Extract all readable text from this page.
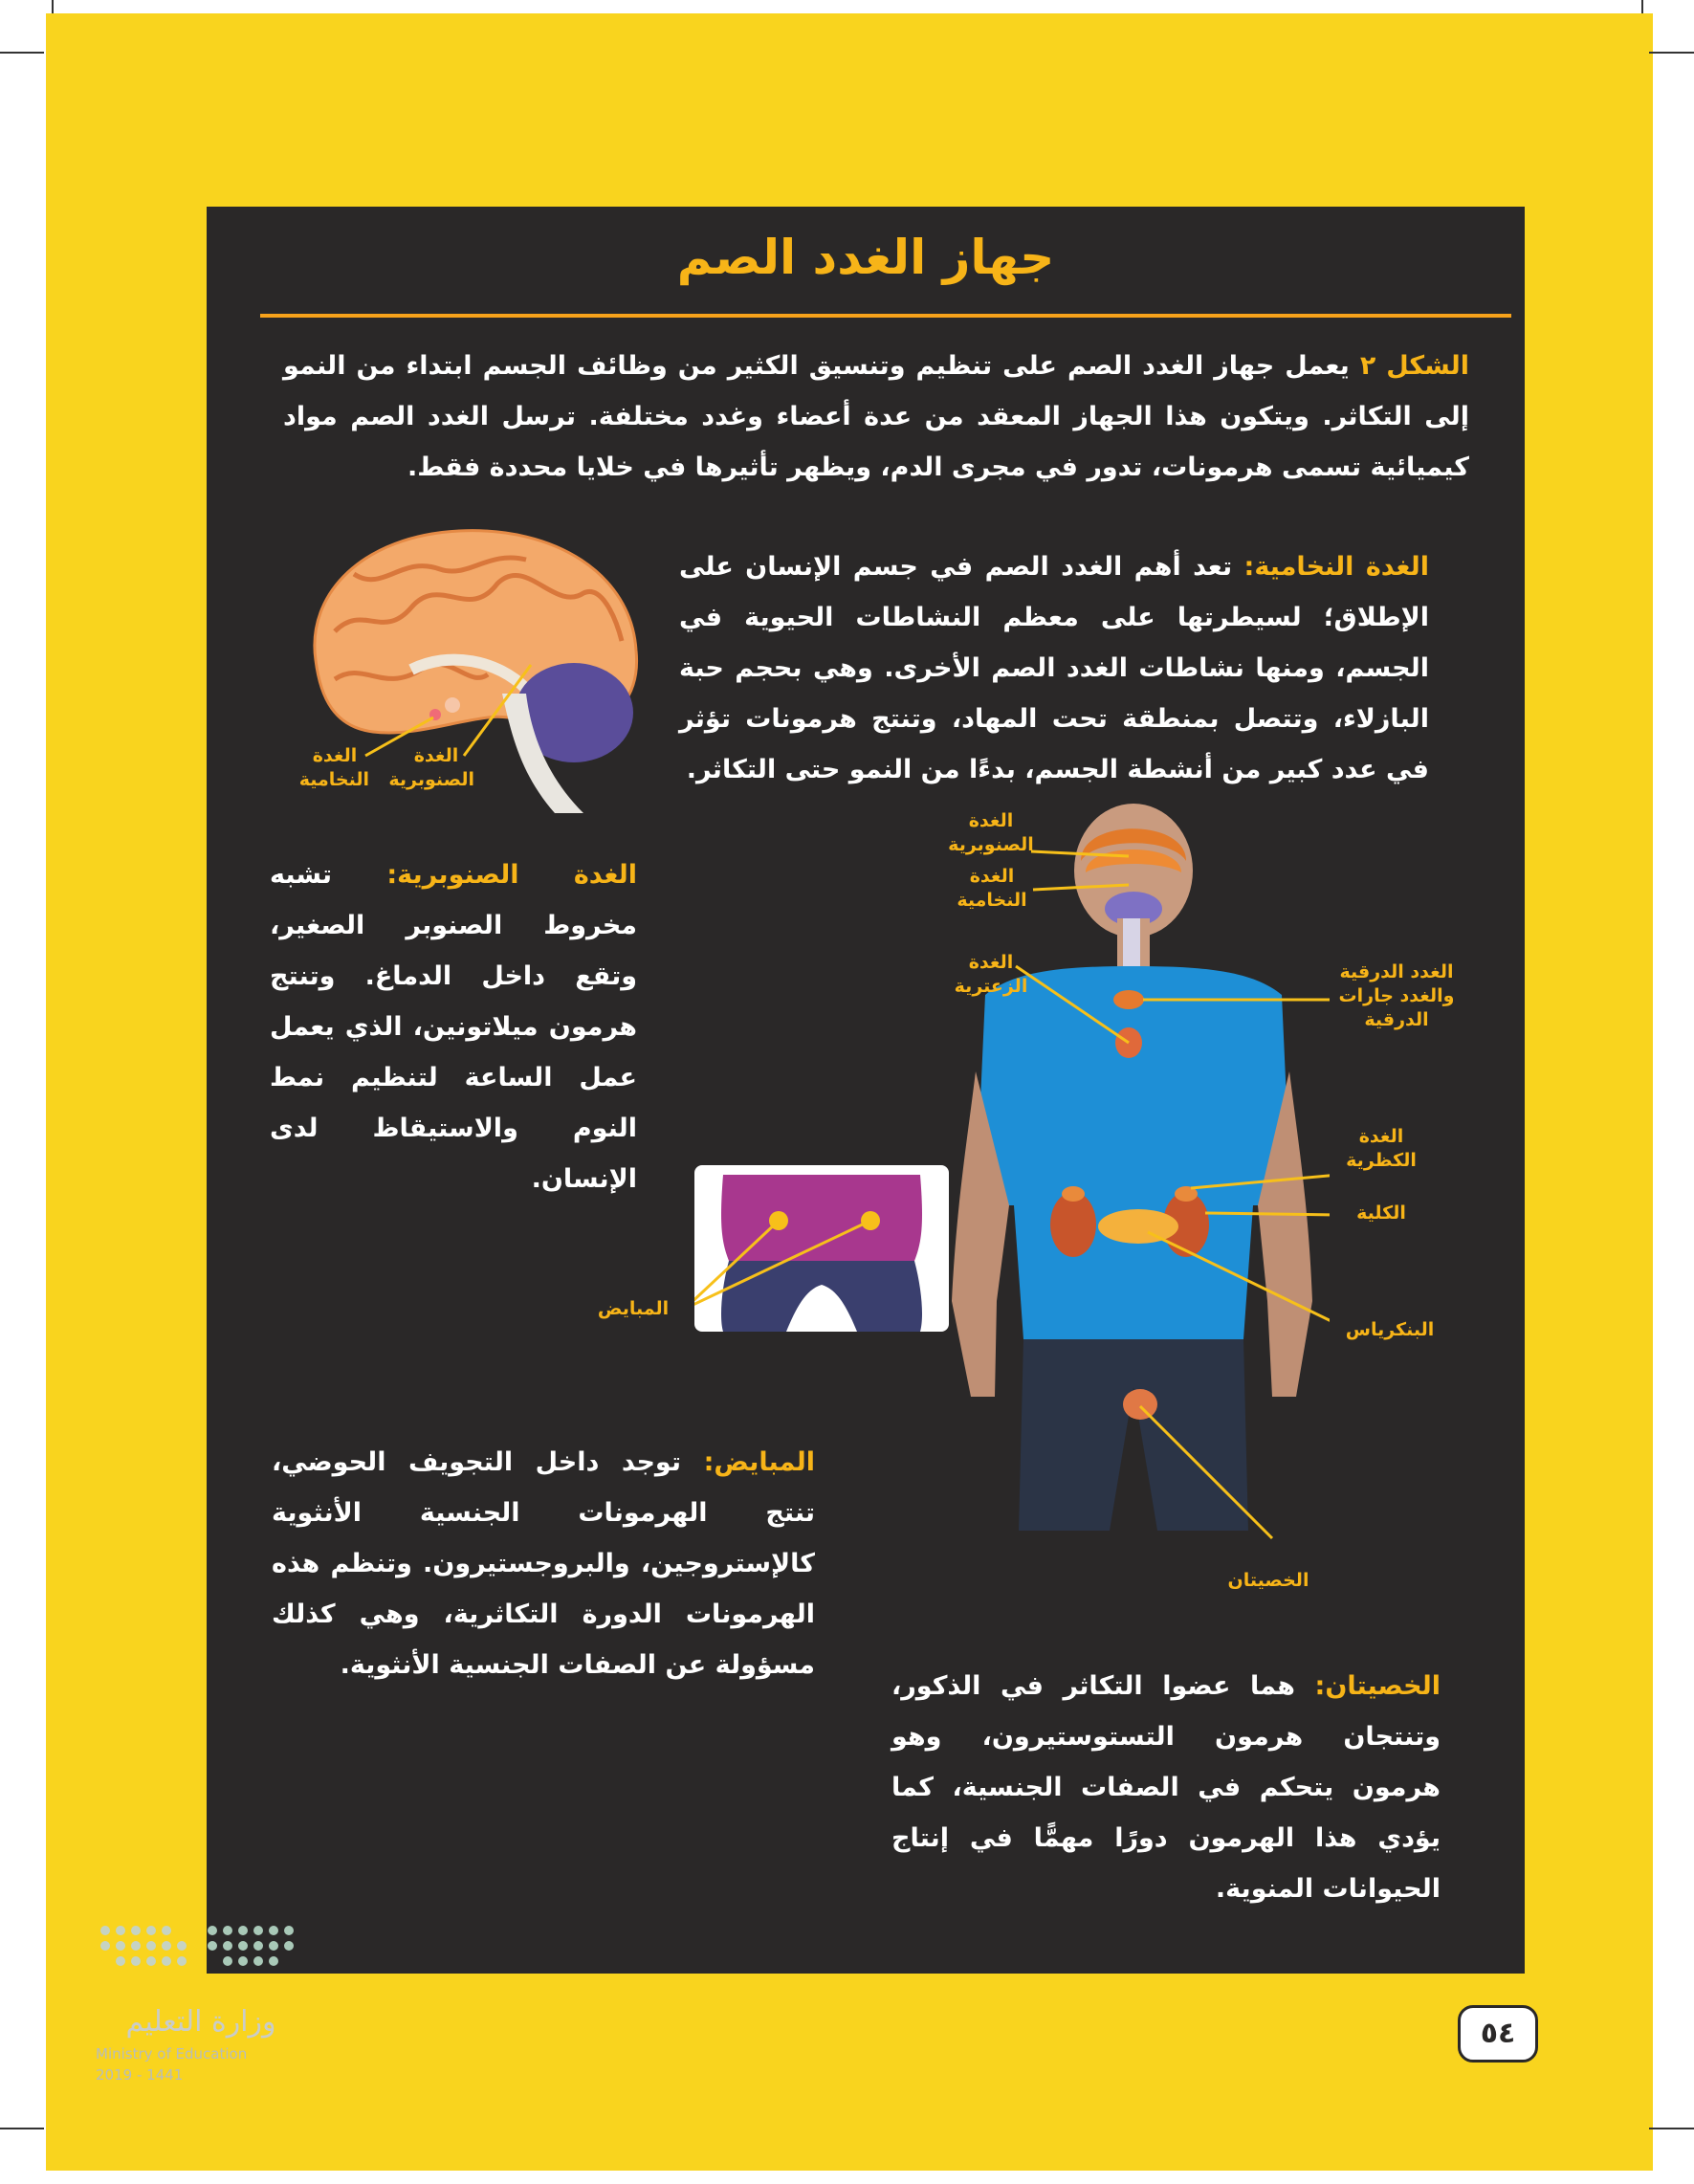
جهاز الغدد الصم
الشكل ٢ يعمل جهاز الغدد الصم على تنظيم وتنسيق الكثير من وظائف الجسم ابتداء من النمو إلى التكاثر. ويتكون هذا الجهاز المعقد من عدة أعضاء وغدد مختلفة. ترسل الغدد الصم مواد كيميائية تسمى هرمونات، تدور في مجرى الدم، ويظهر تأثيرها في خلايا محددة فقط.
الغدة النخامية
الغدة الصنوبرية
الغدة النخامية: تعد أهم الغدد الصم في جسم الإنسان على الإطلاق؛ لسيطرتها على معظم النشاطات الحيوية في الجسم، ومنها نشاطات الغدد الصم الأخرى. وهي بحجم حبة البازلاء، وتتصل بمنطقة تحت المهاد، وتنتج هرمونات تؤثر في عدد كبير من أنشطة الجسم، بدءًا من النمو حتى التكاثر.
الغدة الصنوبرية: تشبه مخروط الصنوبر الصغير، وتقع داخل الدماغ. وتنتج هرمون ميلاتونين، الذي يعمل عمل الساعة لتنظيم نمط النوم والاستيقاظ لدى الإنسان.
المبايض
الغدة الصنوبرية
الغدة النخامية
الغدة الزعترية
الغدد الدرقية والغدد جارات الدرقية
الغدة الكظرية
الكلية
البنكرياس
الخصيتان
المبايض: توجد داخل التجويف الحوضي، تنتج الهرمونات الجنسية الأنثوية كالإستروجين، والبروجستيرون. وتنظم هذه الهرمونات الدورة التكاثرية، وهي كذلك مسؤولة عن الصفات الجنسية الأنثوية.
الخصيتان: هما عضوا التكاثر في الذكور، وتنتجان هرمون التستوستيرون، وهو هرمون يتحكم في الصفات الجنسية، كما يؤدي هذا الهرمون دورًا مهمًّا في إنتاج الحيوانات المنوية.
وزارة التعليم
Ministry of Education
2019 - 1441
٥٤
